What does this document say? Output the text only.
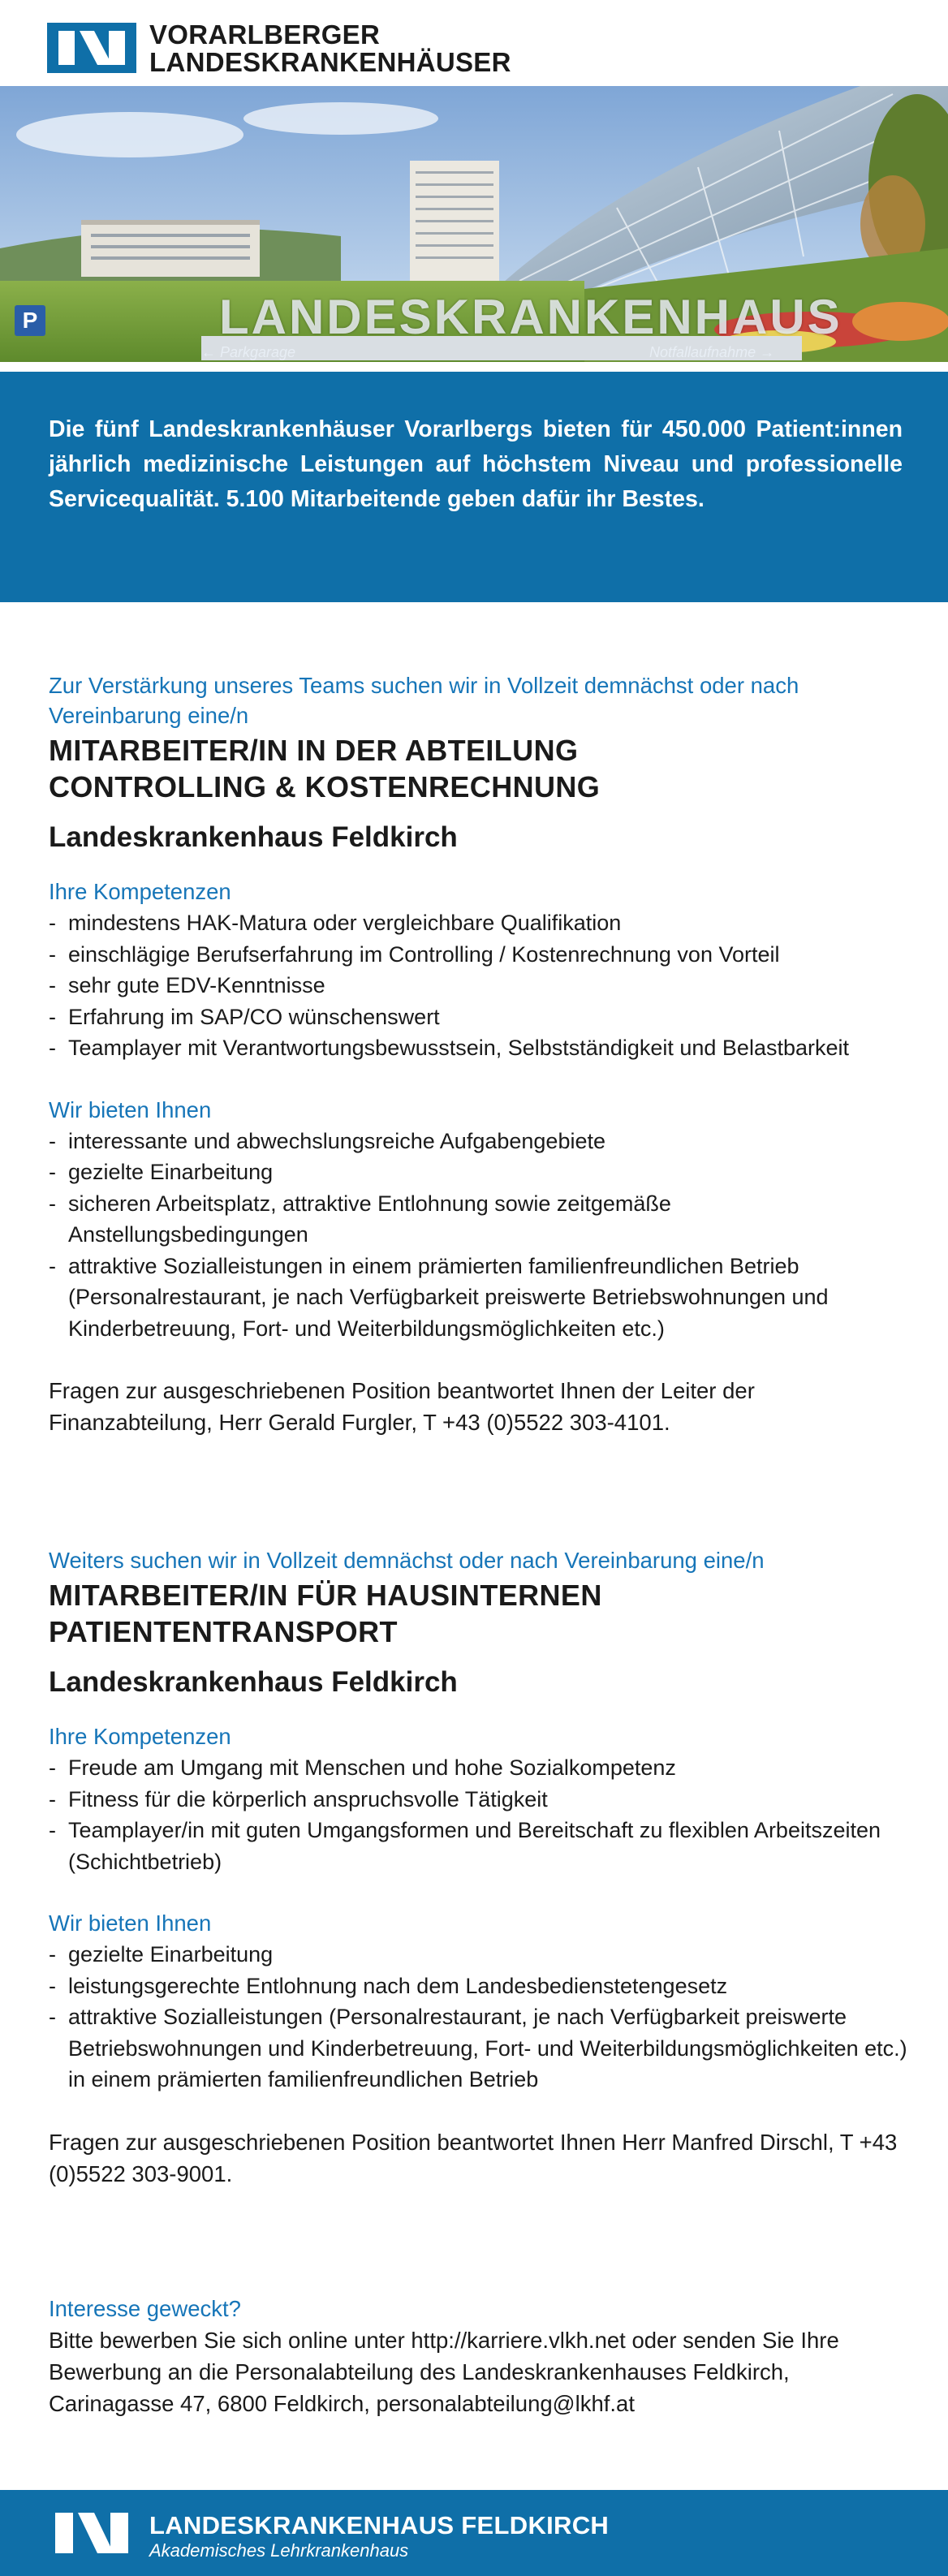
VORARLBERGER
LANDESKRANKENHÄUSER
P	LANDESKRANKENHAUS
← Parkgarage	Notfallaufnahme →

Die fünf Landeskrankenhäuser Vorarlbergs bieten für 450.000 Patient:innen jährlich medizinische Leistungen auf höchstem Niveau und professionelle Servicequalität. 5.100 Mitarbeitende geben dafür ihr Bestes.

Zur Verstärkung unseres Teams suchen wir in Vollzeit demnächst oder nach Vereinbarung eine/n
MITARBEITER/IN IN DER ABTEILUNG
CONTROLLING & KOSTENRECHNUNG
Landeskrankenhaus Feldkirch
Ihre Kompetenzen
- mindestens HAK-Matura oder vergleichbare Qualifikation
- einschlägige Berufserfahrung im Controlling / Kostenrechnung von Vorteil
- sehr gute EDV-Kenntnisse
- Erfahrung im SAP/CO wünschenswert
- Teamplayer mit Verantwortungsbewusstsein, Selbstständigkeit und Belastbarkeit
Wir bieten Ihnen
- interessante und abwechslungsreiche Aufgabengebiete
- gezielte Einarbeitung
- sicheren Arbeitsplatz, attraktive Entlohnung sowie zeitgemäße Anstellungsbedingungen
- attraktive Sozialleistungen in einem prämierten familienfreundlichen Betrieb (Personalrestaurant, je nach Verfügbarkeit preiswerte Betriebswohnungen und Kinderbetreuung, Fort- und Weiterbildungsmöglichkeiten etc.)
Fragen zur ausgeschriebenen Position beantwortet Ihnen der Leiter der Finanzabteilung, Herr Gerald Furgler, T +43 (0)5522 303-4101.
Weiters suchen wir in Vollzeit demnächst oder nach Vereinbarung eine/n
MITARBEITER/IN FÜR HAUSINTERNEN
PATIENTENTRANSPORT
Landeskrankenhaus Feldkirch
Ihre Kompetenzen
- Freude am Umgang mit Menschen und hohe Sozialkompetenz
- Fitness für die körperlich anspruchsvolle Tätigkeit
- Teamplayer/in mit guten Umgangsformen und Bereitschaft zu flexiblen Arbeitszeiten (Schichtbetrieb)
Wir bieten Ihnen
- gezielte Einarbeitung
- leistungsgerechte Entlohnung nach dem Landesbedienstetengesetz
- attraktive Sozialleistungen (Personalrestaurant, je nach Verfügbarkeit preiswerte Betriebswohnungen und Kinderbetreuung, Fort- und Weiterbildungsmöglichkeiten etc.) in einem prämierten familienfreundlichen Betrieb
Fragen zur ausgeschriebenen Position beantwortet Ihnen Herr Manfred Dirschl, T +43 (0)5522 303-9001.
Interesse geweckt?
Bitte bewerben Sie sich online unter http://karriere.vlkh.net oder senden Sie Ihre Bewerbung an die Personalabteilung des Landeskrankenhauses Feldkirch, Carinagasse 47, 6800 Feldkirch, personalabteilung@lkhf.at
LANDESKRANKENHAUS FELDKIRCH
Akademisches Lehrkrankenhaus
